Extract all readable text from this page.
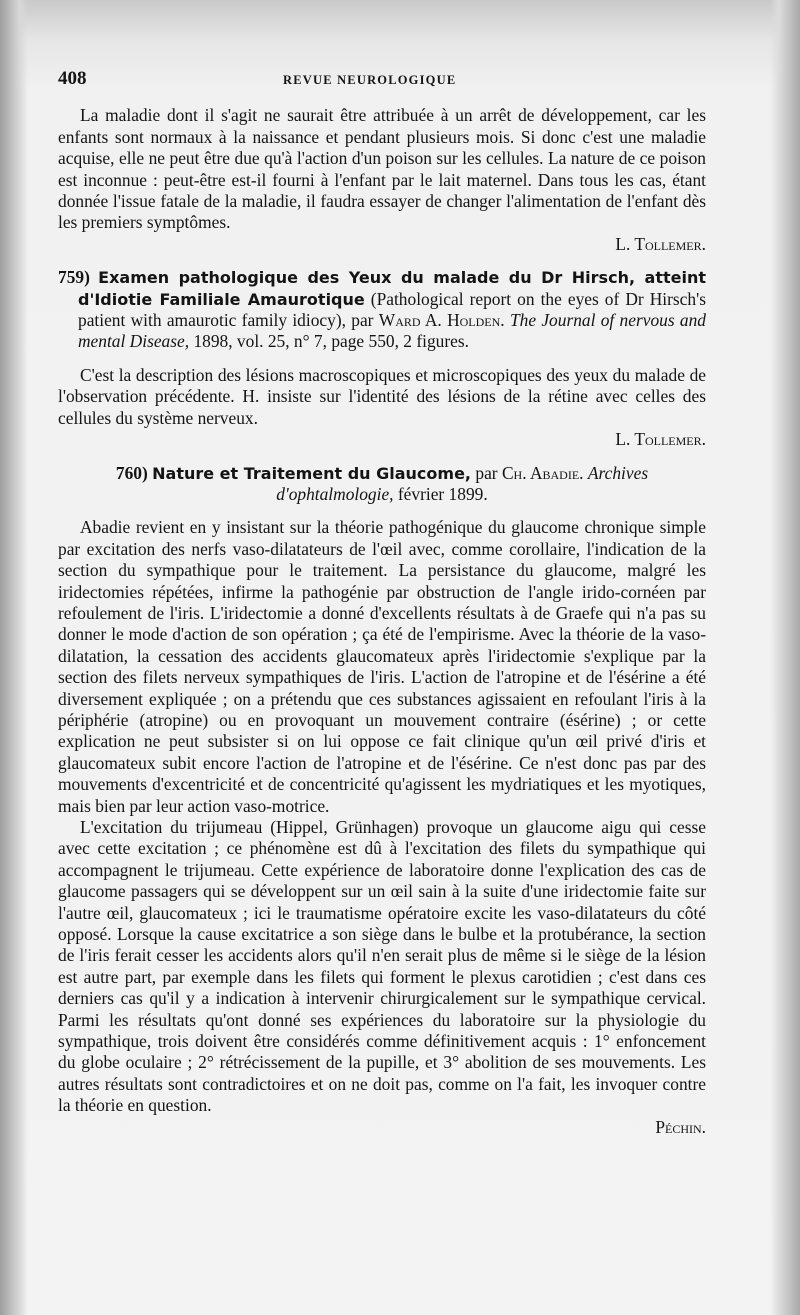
408	REVUE NEUROLOGIQUE

La maladie dont il s'agit ne saurait être attribuée à un arrêt de développement, car les enfants sont normaux à la naissance et pendant plusieurs mois. Si donc c'est une maladie acquise, elle ne peut être due qu'à l'action d'un poison sur les cellules. La nature de ce poison est inconnue : peut-être est-il fourni à l'enfant par le lait maternel. Dans tous les cas, étant donnée l'issue fatale de la maladie, il faudra essayer de changer l'alimentation de l'enfant dès les premiers symptômes.
L. Tollemer.

759) Examen pathologique des Yeux du malade du Dr Hirsch, atteint d'Idiotie Familiale Amaurotique (Pathological report on the eyes of Dr Hirsch's patient with amaurotic family idiocy), par Ward A. Holden. The Journal of nervous and mental Disease, 1898, vol. 25, n° 7, page 550, 2 figures.

C'est la description des lésions macroscopiques et microscopiques des yeux du malade de l'observation précédente. H. insiste sur l'identité des lésions de la rétine avec celles des cellules du système nerveux.
L. Tollemer.

760) Nature et Traitement du Glaucome, par Ch. Abadie. Archives d'ophtalmologie, février 1899.

Abadie revient en y insistant sur la théorie pathogénique du glaucome chronique simple par excitation des nerfs vaso-dilatateurs de l'œil avec, comme corollaire, l'indication de la section du sympathique pour le traitement. La persistance du glaucome, malgré les iridectomies répétées, infirme la pathogénie par obstruction de l'angle irido-cornéen par refoulement de l'iris. L'iridectomie a donné d'excellents résultats à de Graefe qui n'a pas su donner le mode d'action de son opération ; ça été de l'empirisme. Avec la théorie de la vaso-dilatation, la cessation des accidents glaucomateux après l'iridectomie s'explique par la section des filets nerveux sympathiques de l'iris. L'action de l'atropine et de l'ésérine a été diversement expliquée ; on a prétendu que ces substances agissaient en refoulant l'iris à la périphérie (atropine) ou en provoquant un mouvement contraire (ésérine) ; or cette explication ne peut subsister si on lui oppose ce fait clinique qu'un œil privé d'iris et glaucomateux subit encore l'action de l'atropine et de l'ésérine. Ce n'est donc pas par des mouvements d'excentricité et de concentricité qu'agissent les mydriatiques et les myotiques, mais bien par leur action vaso-motrice.

L'excitation du trijumeau (Hippel, Grünhagen) provoque un glaucome aigu qui cesse avec cette excitation ; ce phénomène est dû à l'excitation des filets du sympathique qui accompagnent le trijumeau. Cette expérience de laboratoire donne l'explication des cas de glaucome passagers qui se développent sur un œil sain à la suite d'une iridectomie faite sur l'autre œil, glaucomateux ; ici le traumatisme opératoire excite les vaso-dilatateurs du côté opposé. Lorsque la cause excitatrice a son siège dans le bulbe et la protubérance, la section de l'iris ferait cesser les accidents alors qu'il n'en serait plus de même si le siège de la lésion est autre part, par exemple dans les filets qui forment le plexus carotidien ; c'est dans ces derniers cas qu'il y a indication à intervenir chirurgicalement sur le sympathique cervical. Parmi les résultats qu'ont donné ses expériences du laboratoire sur la physiologie du sympathique, trois doivent être considérés comme définitivement acquis : 1° enfoncement du globe oculaire ; 2° rétrécissement de la pupille, et 3° abolition de ses mouvements. Les autres résultats sont contradictoires et on ne doit pas, comme on l'a fait, les invoquer contre la théorie en question.
Péchin.
